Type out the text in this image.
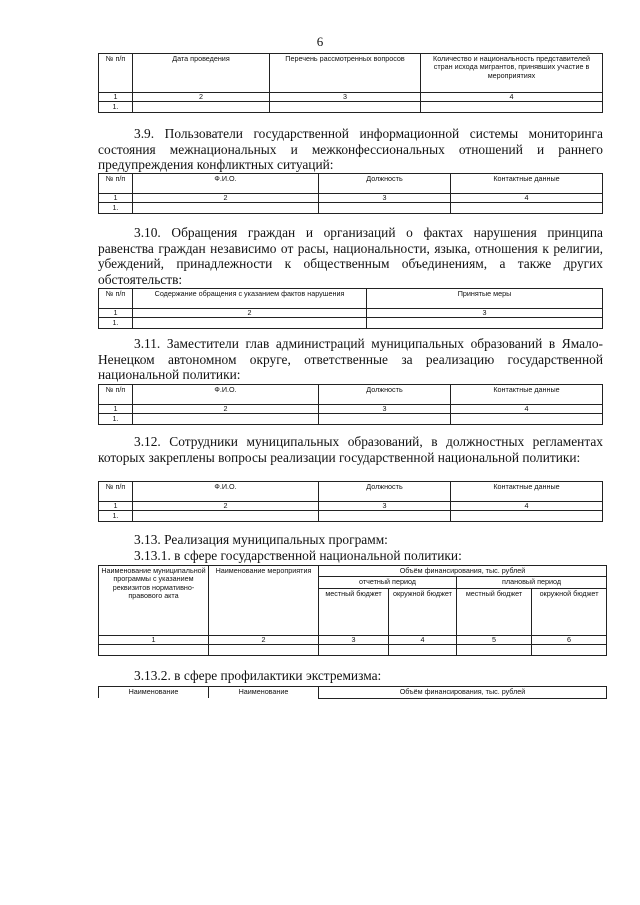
6
№ п/п	Дата проведения	Перечень рассмотренных вопросов	Количество и национальность представителей стран исхода мигрантов, принявших участие в мероприятиях
1	2	3	4
1.			
3.9. Пользователи государственной информационной системы мониторинга состояния межнациональных и межконфессиональных отношений и раннего предупреждения конфликтных ситуаций:
№ п/п	Ф.И.О.	Должность	Контактные данные
1	2	3	4
1.			
3.10. Обращения граждан и организаций о фактах нарушения принципа равенства граждан независимо от расы, национальности, языка, отношения к религии, убеждений, принадлежности к общественным объединениям, а также других обстоятельств:
№ п/п	Содержание обращения с указанием фактов нарушения	Принятые меры
1	2	3
1.		
3.11. Заместители глав администраций муниципальных образований в Ямало-Ненецком автономном округе, ответственные за реализацию государственной национальной политики:
№ п/п	Ф.И.О.	Должность	Контактные данные
1	2	3	4
1.			
3.12. Сотрудники муниципальных образований, в должностных регламентах которых закреплены вопросы реализации государственной национальной политики:
№ п/п	Ф.И.О.	Должность	Контактные данные
1	2	3	4
1.			
3.13. Реализация муниципальных программ:
3.13.1. в сфере государственной национальной политики:
Наименование муниципальной программы с указанием реквизитов нормативно-правового акта	Наименование мероприятия	Объём финансирования, тыс. рублей			
		отчетный период		плановый период	
		местный бюджет	окружной бюджет	местный бюджет	окружной бюджет
1	2	3	4	5	6

3.13.2. в сфере профилактики экстремизма:
Наименование	Наименование	Объём финансирования, тыс. рублей
